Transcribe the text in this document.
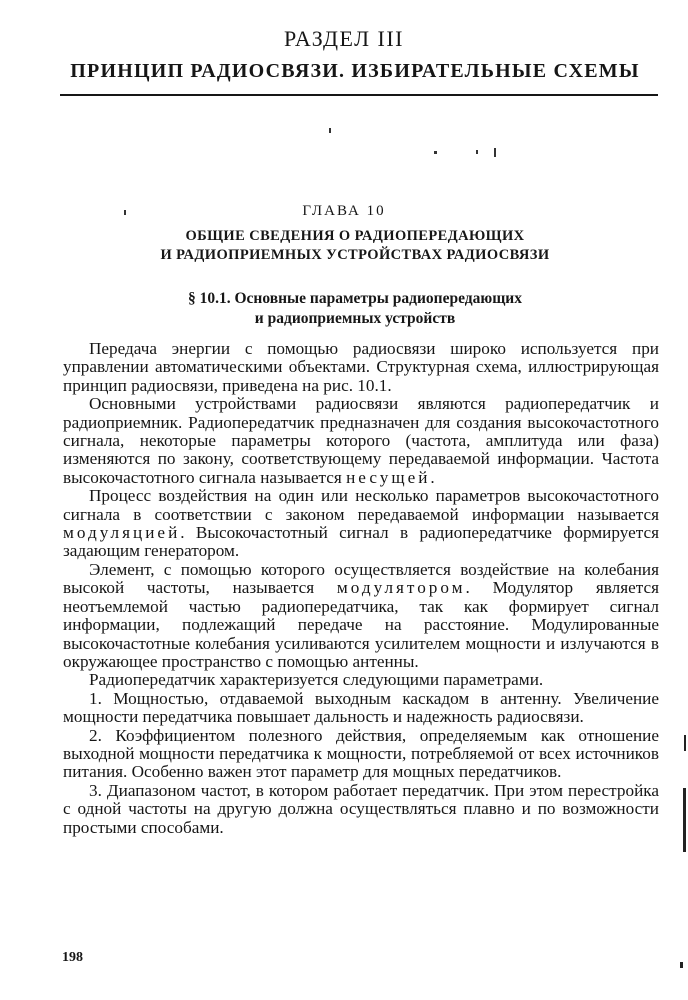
РАЗДЕЛ III
ПРИНЦИП РАДИОСВЯЗИ. ИЗБИРАТЕЛЬНЫЕ СХЕМЫ
ГЛАВА 10
ОБЩИЕ СВЕДЕНИЯ О РАДИОПЕРЕДАЮЩИХ
И РАДИОПРИЕМНЫХ УСТРОЙСТВАХ РАДИОСВЯЗИ
§ 10.1. Основные параметры радиопередающих
и радиоприемных устройств

Передача энергии с помощью радиосвязи широко используется при управлении автоматическими объектами. Структурная схема, иллюстрирующая принцип радиосвязи, приведена на рис. 10.1.

Основными устройствами радиосвязи являются радиопередатчик и радиоприемник. Радиопередатчик предназначен для создания высокочастотного сигнала, некоторые параметры которого (частота, амплитуда или фаза) изменяются по закону, соответствующему передаваемой информации. Частота высокочастотного сигнала называется несущей.

Процесс воздействия на один или несколько параметров высокочастотного сигнала в соответствии с законом передаваемой информации называется модуляцией. Высокочастотный сигнал в радиопередатчике формируется задающим генератором.

Элемент, с помощью которого осуществляется воздействие на колебания высокой частоты, называется модулятором. Модулятор является неотъемлемой частью радиопередатчика, так как формирует сигнал информации, подлежащий передаче на расстояние. Модулированные высокочастотные колебания усиливаются усилителем мощности и излучаются в окружающее пространство с помощью антенны.

Радиопередатчик характеризуется следующими параметрами.

1. Мощностью, отдаваемой выходным каскадом в антенну. Увеличение мощности передатчика повышает дальность и надежность радиосвязи.

2. Коэффициентом полезного действия, определяемым как отношение выходной мощности передатчика к мощности, потребляемой от всех источников питания. Особенно важен этот параметр для мощных передатчиков.

3. Диапазоном частот, в котором работает передатчик. При этом перестройка с одной частоты на другую должна осуществляться плавно и по возможности простыми способами.

198
